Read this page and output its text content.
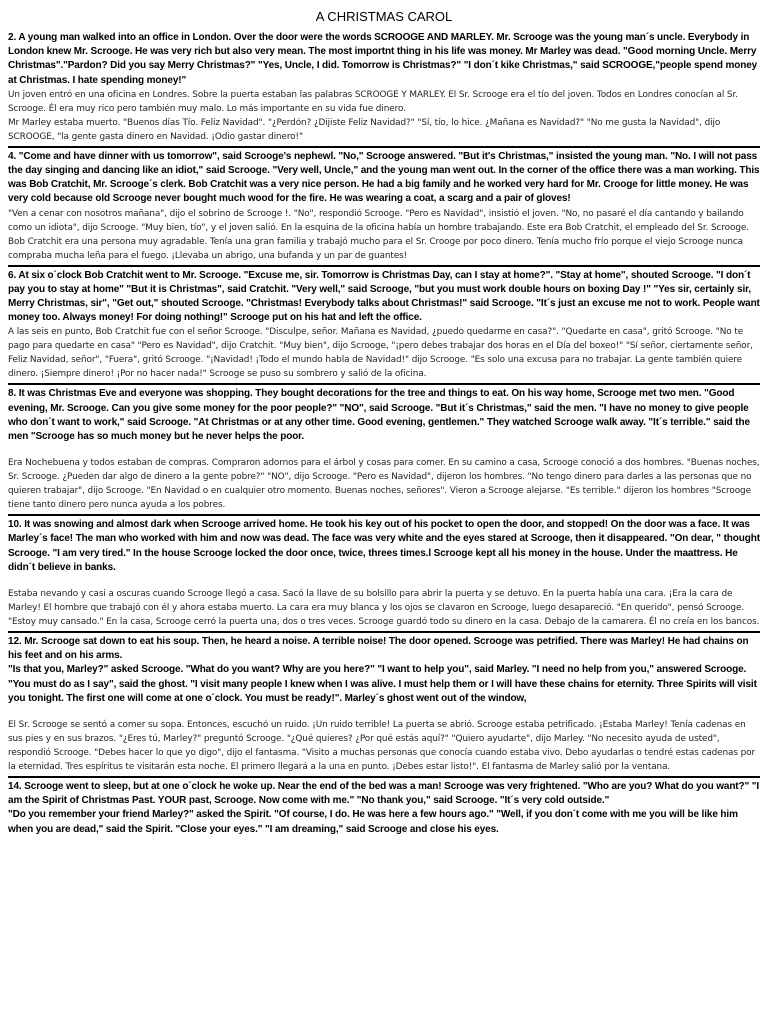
A CHRISTMAS CAROL

2. A young man walked into an office in London. Over the door were the words SCROOGE AND MARLEY. Mr. Scrooge was the young man´s uncle. Everybody in London knew Mr. Scrooge. He was very rich but also very mean. The most importnt thing in his life was money. Mr Marley was dead. "Good morning Uncle. Merry Christmas"."Pardon? Did you say Merry Christmas?" "Yes, Uncle, I did. Tomorrow is Christmas?" "I don´t kike Christmas," said SCROOGE,"people spend money at Christmas. I hate spending money!"

Un joven entró en una oficina en Londres. Sobre la puerta estaban las palabras SCROOGE Y MARLEY. El Sr. Scrooge era el tío del joven. Todos en Londres conocían al Sr. Scrooge. Él era muy rico pero también muy malo. Lo más importante en su vida fue dinero.

Mr Marley estaba muerto. "Buenos días Tío. Feliz Navidad". "¿Perdón? ¿Dijiste Feliz Navidad?" "Sí, tío, lo hice. ¿Mañana es Navidad?" "No me gusta la Navidad", dijo SCROOGE, "la gente gasta dinero en Navidad. ¡Odio gastar dinero!"

4. "Come and have dinner with us tomorrow", said Scrooge's nephewl. "No," Scrooge answered. "But it's Christmas," insisted the young man. "No. I will not pass the day singing and dancing like an idiot," said Scrooge. "Very well, Uncle," and the young man went out. In the corner of the office there was a man working. This was Bob Cratchit, Mr. Scrooge´s clerk. Bob Cratchit was a very nice person. He had a big family and he worked very hard for Mr. Crooge for little money. He was very cold because old Scrooge never bought much wood for the fire. He was wearing a coat, a scarg and a pair of gloves!

"Ven a cenar con nosotros mañana", dijo el sobrino de Scrooge !. "No", respondió Scrooge. "Pero es Navidad", insistió el joven. "No, no pasaré el día cantando y bailando como un idiota", dijo Scrooge. "Muy bien, tío", y el joven salió. En la esquina de la oficina había un hombre trabajando. Este era Bob Cratchit, el empleado del Sr. Scrooge. Bob Cratchit era una persona muy agradable. Tenía una gran familia y trabajó mucho para el Sr. Crooge por poco dinero. Tenía mucho frío porque el viejo Scrooge nunca compraba mucha leña para el fuego. ¡Llevaba un abrigo, una bufanda y un par de guantes!

6. At six o´clock Bob Cratchit went to Mr. Scrooge. "Excuse me, sir. Tomorrow is Christmas Day, can I stay at home?". "Stay at home", shouted Scrooge. "I don´t pay you to stay at home" "But it is Christmas", said Cratchit. "Very well," said Scrooge, "but you must work double hours on boxing Day !" "Yes sir, certainly sir, Merry Christmas, sir", "Get out," shouted Scrooge. "Christmas! Everybody talks about Christmas!" said Scrooge. "It´s just an excuse me not to work. People want money too. Always money! For doing nothing!" Scrooge put on his hat and left the office.

A las seis en punto, Bob Cratchit fue con el señor Scrooge. "Disculpe, señor. Mañana es Navidad, ¿puedo quedarme en casa?". "Quedarte en casa", gritó Scrooge. "No te pago para quedarte en casa" "Pero es Navidad", dijo Cratchit. "Muy bien", dijo Scrooge, "¡pero debes trabajar dos horas en el Día del boxeo!" "Sí señor, ciertamente señor, Feliz Navidad, señor", "Fuera", gritó Scrooge. "¡Navidad! ¡Todo el mundo habla de Navidad!" dijo Scrooge. "Es solo una excusa para no trabajar. La gente también quiere dinero. ¡Siempre dinero! ¡Por no hacer nada!" Scrooge se puso su sombrero y salió de la oficina.

8. It was Christmas Eve and everyone was shopping. They bought decorations for the tree and things to eat. On his way home, Scrooge met two men. "Good evening, Mr. Scrooge. Can you give some money for the poor people?" "NO", said Scrooge. "But it´s Christmas," said the men. "I have no money to give people who don´t want to work," said Scrooge. "At Christmas or at any other time. Good evening, gentlemen." They watched Scrooge walk away. "It´s terrible." said the men "Scrooge has so much money but he never helps the poor.

Era Nochebuena y todos estaban de compras. Compraron adornos para el árbol y cosas para comer. En su camino a casa, Scrooge conoció a dos hombres. "Buenas noches, Sr. Scrooge. ¿Pueden dar algo de dinero a la gente pobre?" "NO", dijo Scrooge. "Pero es Navidad", dijeron los hombres. "No tengo dinero para darles a las personas que no quieren trabajar", dijo Scrooge. "En Navidad o en cualquier otro momento. Buenas noches, señores". Vieron a Scrooge alejarse. "Es terrible." dijeron los hombres "Scrooge tiene tanto dinero pero nunca ayuda a los pobres.

10. It was snowing and almost dark when Scrooge arrived home. He took his key out of his pocket to open the door, and stopped! On the door was a face. It was Marley´s face! The man who worked with him and now was dead. The face was very white and the eyes stared at Scrooge, then it disappeared. "On dear, " thought Scrooge. "I am very tired." In the house Scrooge locked the door once, twice, threes times.l Scrooge kept all his money in the house. Under the maattress. He didn´t believe in banks.

Estaba nevando y casi a oscuras cuando Scrooge llegó a casa. Sacó la llave de su bolsillo para abrir la puerta y se detuvo. En la puerta había una cara. ¡Era la cara de Marley! El hombre que trabajó con él y ahora estaba muerto. La cara era muy blanca y los ojos se clavaron en Scrooge, luego desapareció. "En querido", pensó Scrooge. "Estoy muy cansado." En la casa, Scrooge cerró la puerta una, dos o tres veces. Scrooge guardó todo su dinero en la casa. Debajo de la camarera. Él no creía en los bancos.

12. Mr. Scrooge sat down to eat his soup. Then, he heard a noise. A terrible noise! The door opened. Scrooge was petrified. There was Marley! He had chains on his feet and on his arms.

"Is that you, Marley?" asked Scrooge. "What do you want? Why are you here?" "I want to help you", said Marley. "I need no help from you," answered Scrooge.

"You must do as I say", said the ghost. "I visit many people I knew when I was alive. I must help them or I will have these chains for eternity. Three Spirits will visit you tonight. The first one will come at one o´clock. You must be ready!". Marley´s ghost went out of the window,

El Sr. Scrooge se sentó a comer su sopa. Entonces, escuchó un ruido. ¡Un ruido terrible! La puerta se abrió. Scrooge estaba petrificado. ¡Estaba Marley! Tenía cadenas en sus pies y en sus brazos. "¿Eres tú, Marley?" preguntó Scrooge. "¿Qué quieres? ¿Por qué estás aquí?" "Quiero ayudarte", dijo Marley. "No necesito ayuda de usted", respondió Scrooge. "Debes hacer lo que yo digo", dijo el fantasma. "Visito a muchas personas que conocía cuando estaba vivo. Debo ayudarlas o tendré estas cadenas por la eternidad. Tres espíritus te visitarán esta noche. El primero llegará a la una en punto. ¡Debes estar listo!". El fantasma de Marley salió por la ventana.

14. Scrooge went to sleep, but at one o´clock he woke up. Near the end of the bed was a man! Scrooge was very frightened. "Who are you? What do you want?" "I am the Spirit of Christmas Past. YOUR past, Scrooge. Now come with me." "No thank you," said Scrooge. "It´s very cold outside."

"Do you remember your friend Marley?" asked the Spirit. "Of course, I do. He was here a few hours ago." "Well, if you don´t come with me you will be like him when you are dead," said the Spirit. "Close your eyes." "I am dreaming," said Scrooge and close his eyes.
